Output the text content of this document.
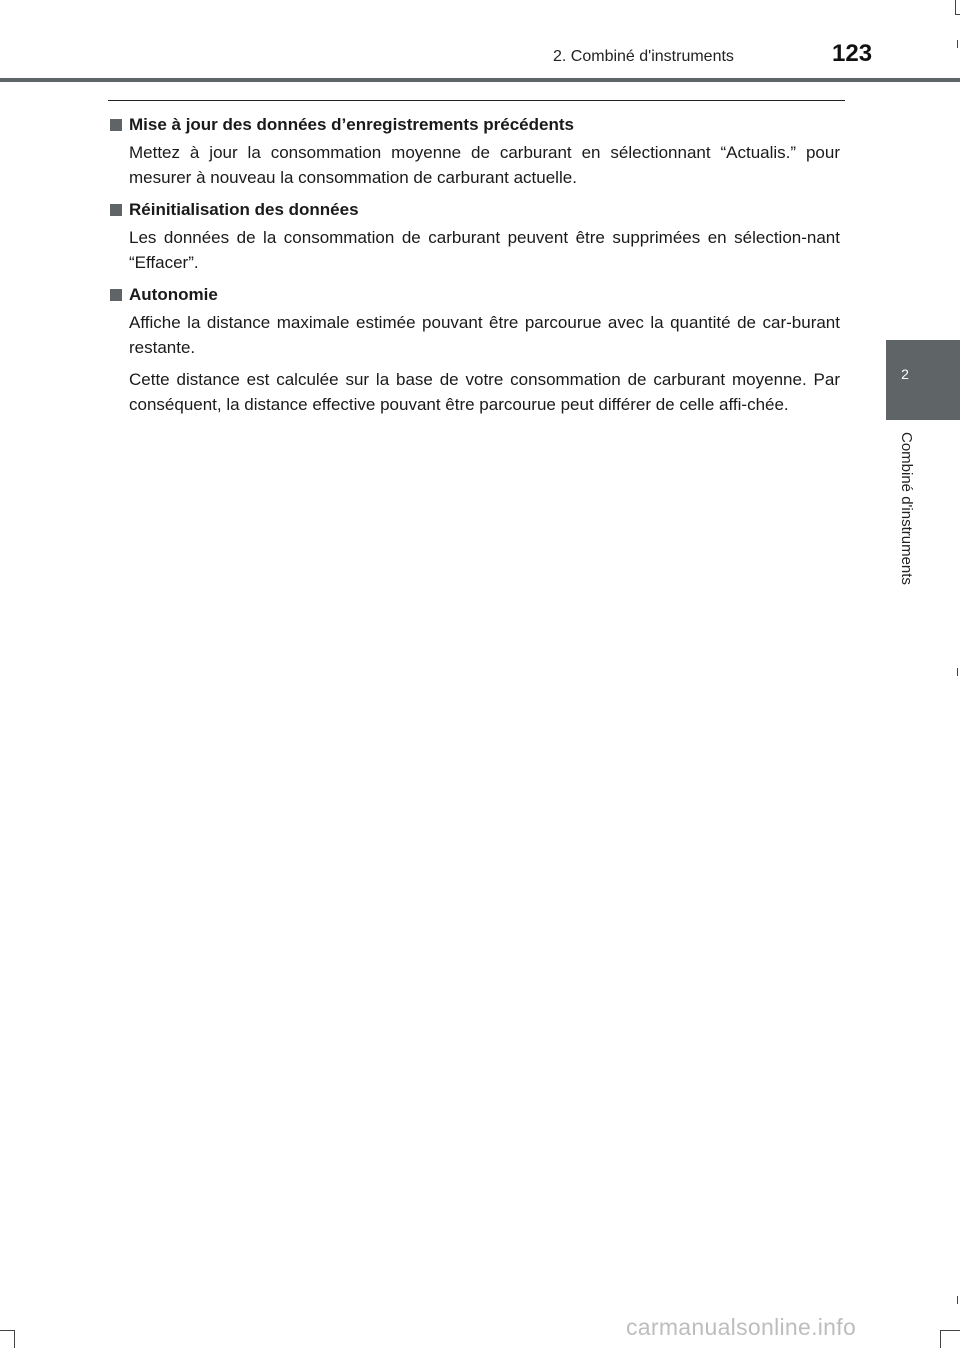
2. Combiné d'instruments	123
2
Combiné d'instruments
Mise à jour des données d’enregistrements précédents
Mettez à jour la consommation moyenne de carburant en sélectionnant “Actualis.” pour mesurer à nouveau la consommation de carburant actuelle.
Réinitialisation des données
Les données de la consommation de carburant peuvent être supprimées en sélection-nant “Effacer”.
Autonomie
Affiche la distance maximale estimée pouvant être parcourue avec la quantité de car-burant restante.
Cette distance est calculée sur la base de votre consommation de carburant moyenne. Par conséquent, la distance effective pouvant être parcourue peut différer de celle affi-chée.
carmanualsonline.info
